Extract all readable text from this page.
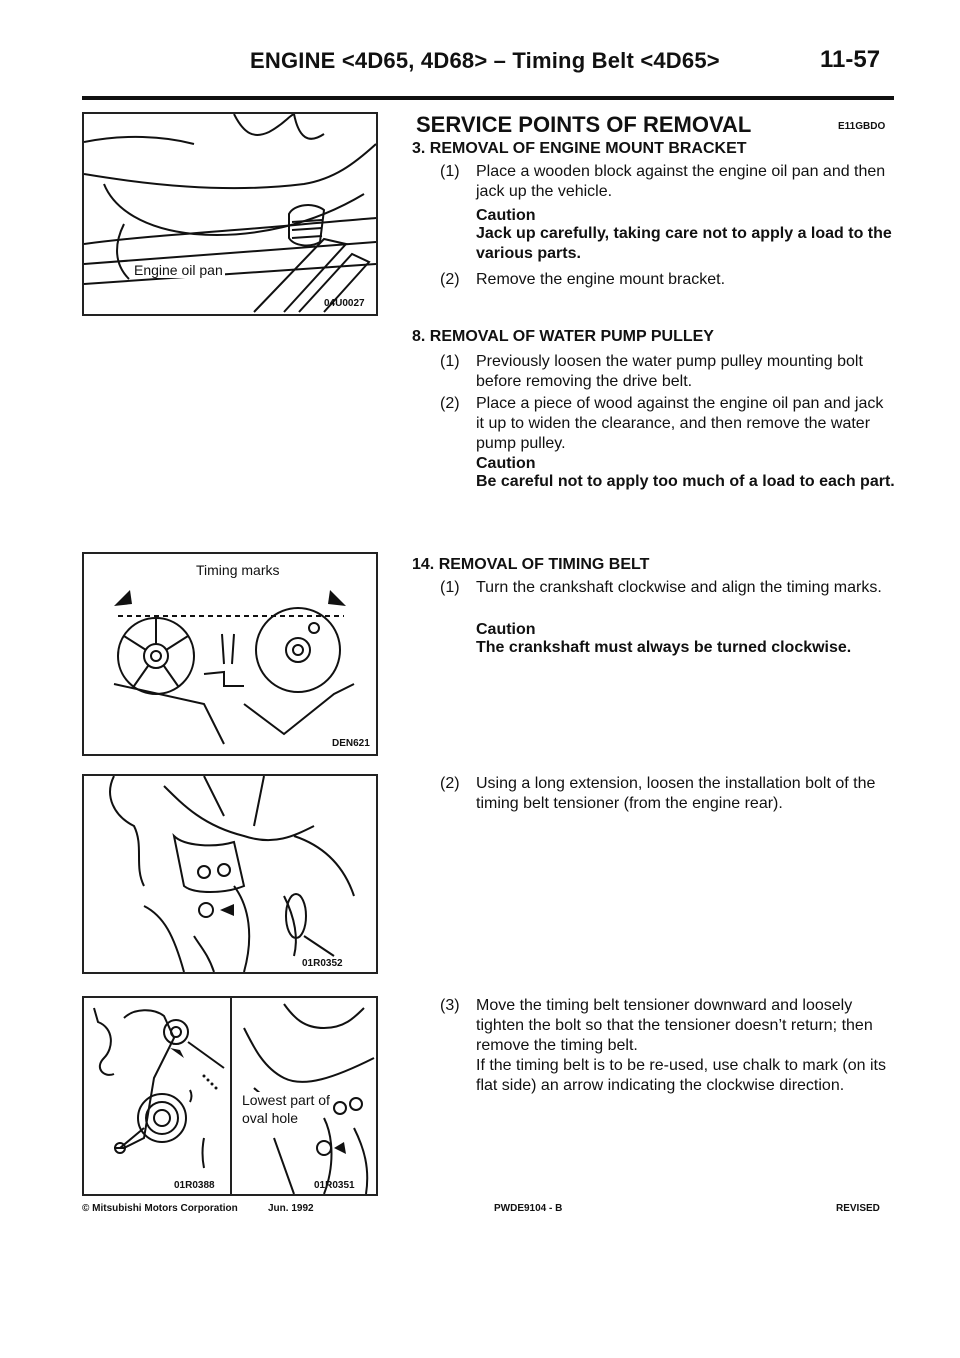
ENGINE <4D65, 4D68> – Timing Belt <4D65>	11-57
Engine oil pan
04U0027
Timing marks
DEN621
01R0352
Lowest part of
oval hole
01R0388	01R0351
SERVICE POINTS OF REMOVAL	E11GBDO
3. REMOVAL OF ENGINE MOUNT BRACKET
(1) Place a wooden block against the engine oil pan and then jack up the vehicle.
Caution
Jack up carefully, taking care not to apply a load to the various parts.
(2) Remove the engine mount bracket.
8. REMOVAL OF WATER PUMP PULLEY
(1) Previously loosen the water pump pulley mounting bolt before removing the drive belt.
(2) Place a piece of wood against the engine oil pan and jack it up to widen the clearance, and then remove the water pump pulley.
Caution
Be careful not to apply too much of a load to each part.
14. REMOVAL OF TIMING BELT
(1) Turn the crankshaft clockwise and align the timing marks.
Caution
The crankshaft must always be turned clockwise.
(2) Using a long extension, loosen the installation bolt of the timing belt tensioner (from the engine rear).
(3) Move the timing belt tensioner downward and loosely tighten the bolt so that the tensioner doesn’t return; then remove the timing belt.
If the timing belt is to be re-used, use chalk to mark (on its flat side) an arrow indicating the clockwise direction.
© Mitsubishi Motors Corporation	Jun. 1992	PWDE9104 - B	REVISED
